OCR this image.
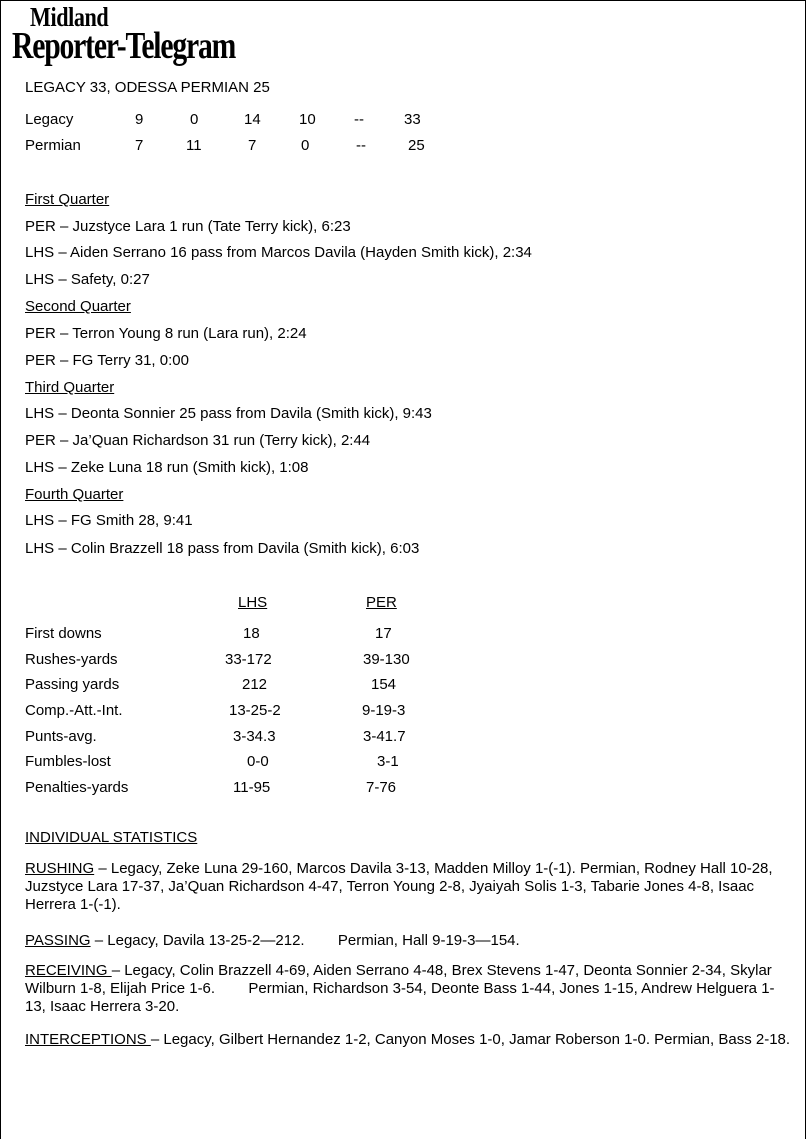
Midland
Reporter-Telegram
LEGACY 33, ODESSA PERMIAN 25
Legacy	9	0	14	10	--	33
Permian	7	11	7	0	--	25
First Quarter
PER – Juzstyce Lara 1 run (Tate Terry kick), 6:23
LHS – Aiden Serrano 16 pass from Marcos Davila (Hayden Smith kick), 2:34
LHS – Safety, 0:27
Second Quarter
PER – Terron Young 8 run (Lara run), 2:24
PER – FG Terry 31, 0:00
Third Quarter
LHS – Deonta Sonnier 25 pass from Davila (Smith kick), 9:43
PER – Ja’Quan Richardson 31 run (Terry kick), 2:44
LHS – Zeke Luna 18 run (Smith kick), 1:08
Fourth Quarter
LHS – FG Smith 28, 9:41
LHS – Colin Brazzell 18 pass from Davila (Smith kick), 6:03
LHS	PER
First downs	18	17
Rushes-yards	33-172	39-130
Passing yards	212	154
Comp.-Att.-Int.	13-25-2	9-19-3
Punts-avg.	3-34.3	3-41.7
Fumbles-lost	0-0	3-1
Penalties-yards	11-95	7-76
INDIVIDUAL STATISTICS
RUSHING – Legacy, Zeke Luna 29-160, Marcos Davila 3-13, Madden Milloy 1-(-1). Permian, Rodney Hall 10-28, Juzstyce Lara 17-37, Ja’Quan Richardson 4-47, Terron Young 2-8, Jyaiyah Solis 1-3, Tabarie Jones 4-8, Isaac Herrera 1-(-1).
PASSING – Legacy, Davila 13-25-2—212.        Permian, Hall 9-19-3—154.
RECEIVING – Legacy, Colin Brazzell 4-69, Aiden Serrano 4-48, Brex Stevens 1-47, Deonta Sonnier 2-34, Skylar Wilburn 1-8, Elijah Price 1-6.        Permian, Richardson 3-54, Deonte Bass 1-44, Jones 1-15, Andrew Helguera 1-13, Isaac Herrera 3-20.
INTERCEPTIONS – Legacy, Gilbert Hernandez 1-2, Canyon Moses 1-0, Jamar Roberson 1-0. Permian, Bass 2-18.
